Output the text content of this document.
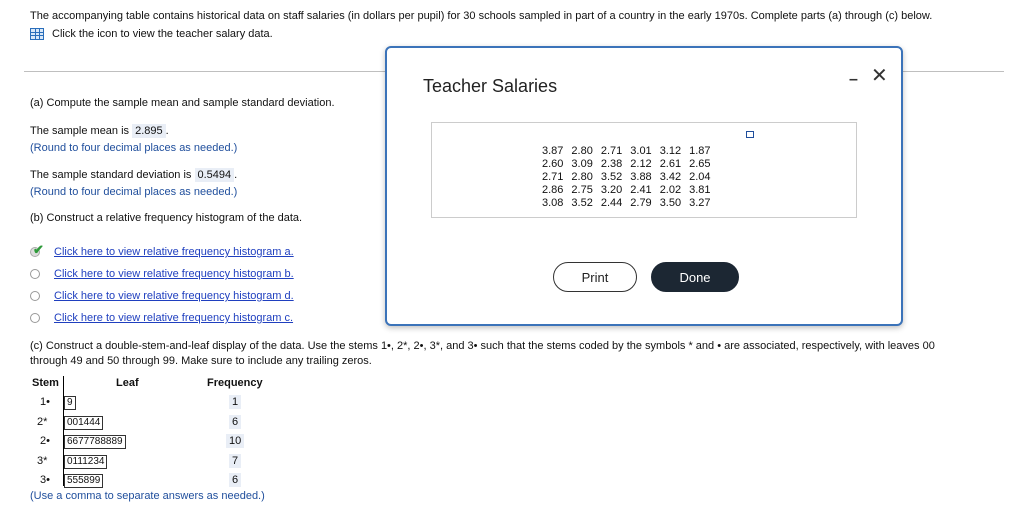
The accompanying table contains historical data on staff salaries (in dollars per pupil) for 30 schools sampled in part of a country in the early 1970s. Complete parts (a) through (c) below.
Click the icon to view the teacher salary data.
(a) Compute the sample mean and sample standard deviation.
The sample mean is 2.895 .
(Round to four decimal places as needed.)
The sample standard deviation is 0.5494 .
(Round to four decimal places as needed.)
(b) Construct a relative frequency histogram of the data.
✔ Click here to view relative frequency histogram a.
Click here to view relative frequency histogram b.
Click here to view relative frequency histogram d.
Click here to view relative frequency histogram c.
(c) Construct a double-stem-and-leaf display of the data. Use the stems 1•, 2*, 2•, 3*, and 3• such that the stems coded by the symbols * and • are associated, respectively, with leaves 00
through 49 and 50 through 99. Make sure to include any trailing zeros.
Stem	Leaf	Frequency
1•	9	1
2*	001444	6
2•	6677788889	10
3*	0111234	7
3•	555899	6
(Use a comma to separate answers as needed.)
Teacher Salaries	– ✕
3.87	2.80	2.71	3.01	3.12	1.87
2.60	3.09	2.38	2.12	2.61	2.65
2.71	2.80	3.52	3.88	3.42	2.04
2.86	2.75	3.20	2.41	2.02	3.81
3.08	3.52	2.44	2.79	3.50	3.27
Print	Done
